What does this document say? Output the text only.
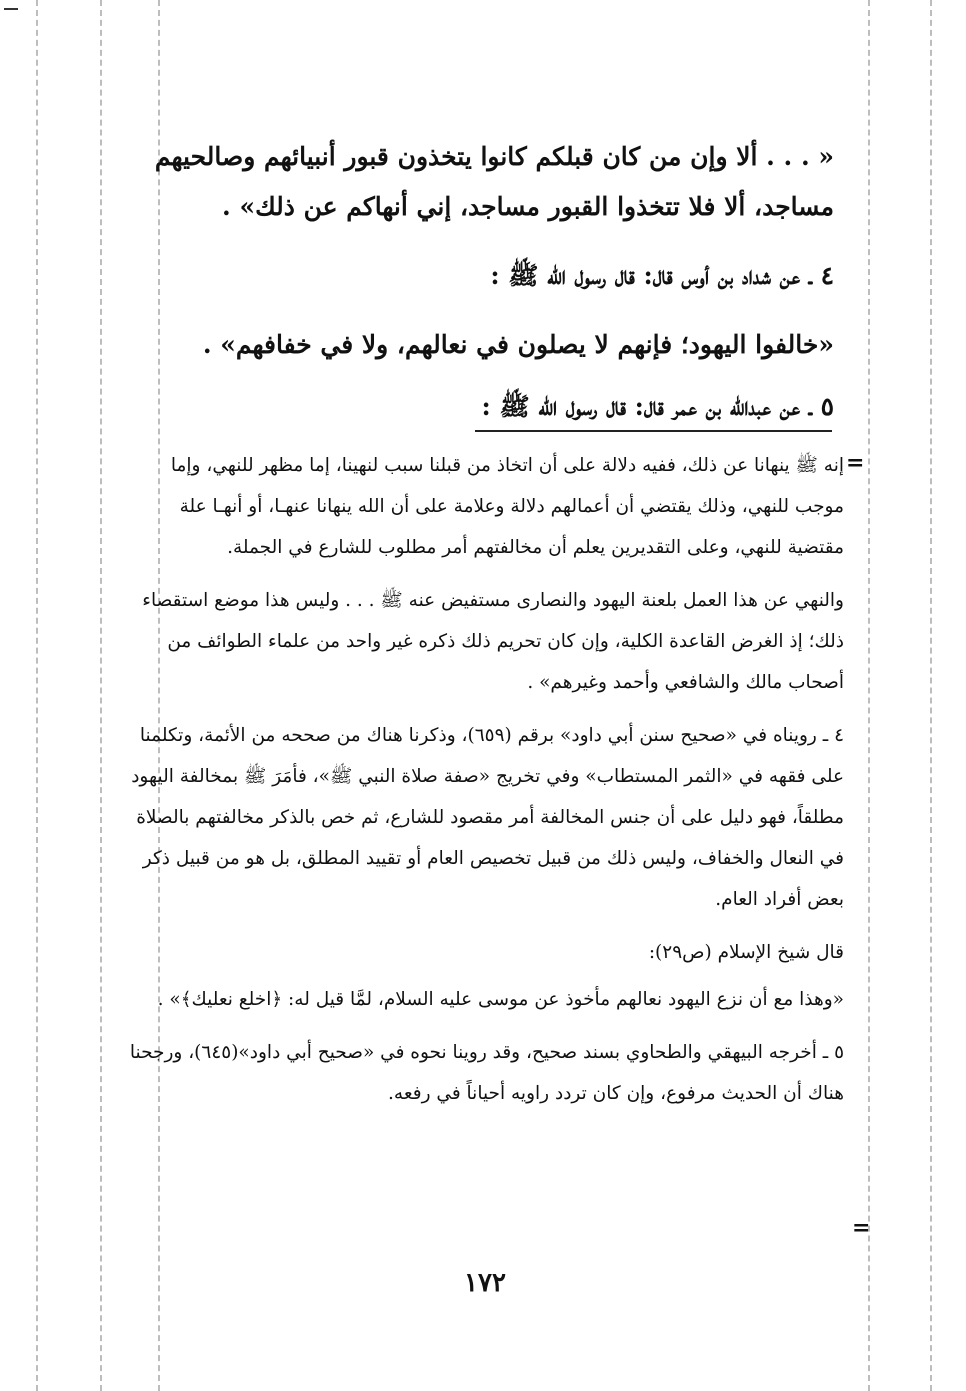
« . . . ألا وإن من كان قبلكم كانوا يتخذون قبور أنبيائهم وصالحيهم

مساجد، ألا فلا تتخذوا القبور مساجد، إني أنهاكم عن ذلك» .

٤ ـ عن شداد بن أوس قال: قال رسول الله ﷺ :

«خالفوا اليهود؛ فإنهم لا يصلون في نعالهم، ولا في خفافهم» .

٥ ـ عن عبدالله بن عمر قال: قال رسول الله ﷺ :

=

إنه ﷺ ينهانا عن ذلك، ففيه دلالة على أن اتخاذ من قبلنا سبب لنهينا، إما مظهر للنهي، وإما موجب للنهي، وذلك يقتضي أن أعمالهم دلالة وعلامة على أن الله ينهانا عنهـا، أو أنهـا علة مقتضية للنهي، وعلى التقديرين يعلم أن مخالفتهم أمر مطلوب للشارع في الجملة.

والنهي عن هذا العمل بلعنة اليهود والنصارى مستفيض عنه ﷺ . . . وليس هذا موضع استقصاء ذلك؛ إذ الغرض القاعدة الكلية، وإن كان تحريم ذلك ذكره غير واحد من علماء الطوائف من أصحاب مالك والشافعي وأحمد وغيرهم» .

٤ ـ رويناه في «صحيح سنن أبي داود» برقم (٦٥٩)، وذكرنا هناك من صححه من الأئمة، وتكلمنا على فقهه في «الثمر المستطاب» وفي تخريج «صفة صلاة النبي ﷺ»، فأمَرَ ﷺ بمخالفة اليهود مطلقاً، فهو دليل على أن جنس المخالفة أمر مقصود للشارع، ثم خص بالذكر مخالفتهم بالصلاة في النعال والخفاف، وليس ذلك من قبيل تخصيص العام أو تقييد المطلق، بل هو من قبيل ذكر بعض أفراد العام.

قال شيخ الإسلام (ص٢٩):

«وهذا مع أن نزع اليهود نعالهم مأخوذ عن موسى عليه السلام، لمَّا قيل له: ﴿اخلع نعليك﴾» .

٥ ـ أخرجه البيهقي والطحاوي بسند صحيح، وقد روينا نحوه في «صحيح أبي داود»(٦٤٥)، ورجحنا هناك أن الحديث مرفوع، وإن كان تردد راويه أحياناً في رفعه.

=
١٧٢
